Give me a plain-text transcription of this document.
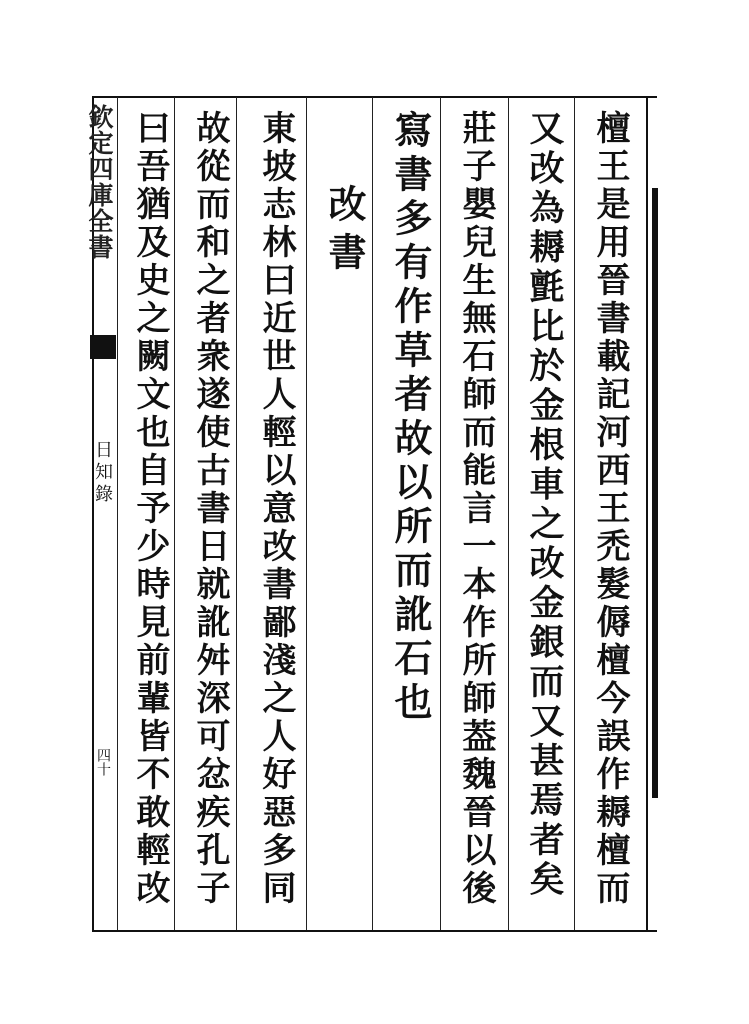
欽定四庫全書
日知錄
四十	檀王是用晉書載記河西王禿髮傉檀今誤作耨檀而
又改為耨氈比於金根車之改金銀而又甚焉者矣
莊子嬰兒生無石師而能言一本作所師葢魏晉以後
寫書多有作草者故以所而訛石也
改書
東坡志林曰近世人輕以意改書鄙淺之人好惡多同
故從而和之者衆遂使古書日就訛舛深可忿疾孔子
曰吾猶及史之闕文也自予少時見前輩皆不敢輕改
